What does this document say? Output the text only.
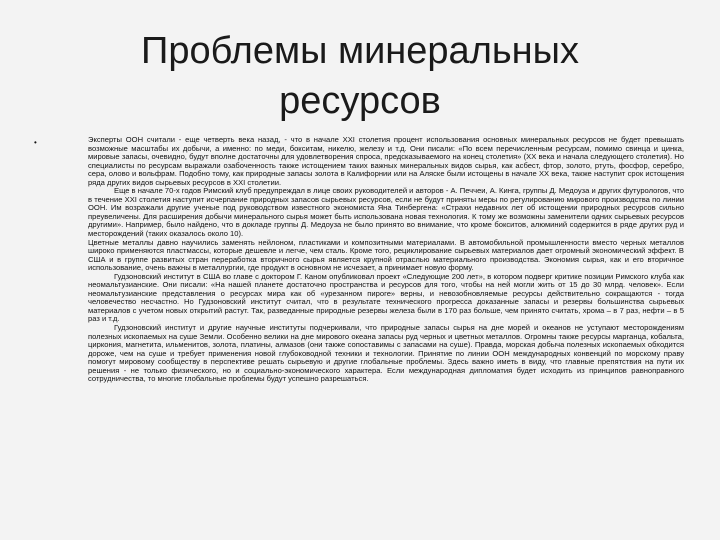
Проблемы минеральных
ресурсов
•	Эксперты ООН считали - еще четверть века назад, - что в начале XXI столетия процент использования основных минеральных ресурсов не будет превышать возможные масштабы их добычи, а именно: по меди, бокситам, никелю, железу и т.д. Они писали: «По всем перечисленным ресурсам, помимо свинца и цинка, мировые запасы, очевидно, будут вполне достаточны для удовлетворения спроса, предсказываемого на конец столетия» (XX века и начала следующего столетия). Но специалисты по ресурсам выражали озабоченность также истощением таких важных минеральных видов сырья, как асбест, фтор, золото, ртуть, фосфор, серебро, сера, олово и вольфрам. Подобно тому, как природные запасы золота в Калифорнии или на Аляске были истощены в начале XX века, также наступит срок истощения ряда других видов сырьевых ресурсов в XXI столетии.

Еще в начале 70-х годов Римский клуб предупреждал в лице своих руководителей и авторов - А. Печчеи, А. Кинга, группы Д. Медоуза и других футурологов, что в течение XXI столетия наступит исчерпание природных запасов сырьевых ресурсов, если не будут приняты меры по регулированию мирового производства по линии ООН. Им возражали другие ученые под руководством известного экономиста Яна Тинбергена: «Страхи недавних лет об истощении природных ресурсов сильно преувеличены. Для расширения добычи минерального сырья может быть использована новая технология. К тому же возможны заменители одних сырьевых ресурсов другими». Например, было найдено, что в докладе группы Д. Медоуза не было принято во внимание, что кроме бокситов, алюминий содержится в ряде других руд и месторождений (таких оказалось около 10).

Цветные металлы давно научились заменять нейлоном, пластиками и композитными материалами. В автомобильной промышленности вместо черных металлов широко применяются пластмассы, которые дешевле и легче, чем сталь. Кроме того, рециклирование сырьевых материалов дает огромный экономический эффект. В США и в группе развитых стран переработка вторичного сырья является крупной отраслью материального производства. Экономия сырья, как и его вторичное использование, очень важны в металлургии, где продукт в основном не исчезает, а принимает новую форму.

Гудзоновский институт в США во главе с доктором Г. Каном опубликовал проект «Следующие 200 лет», в котором подверг критике позиции Римского клуба как неомальтузианские. Они писали: «На нашей планете достаточно пространства и ресурсов для того, чтобы на ней могли жить от 15 до 30 млрд. человек». Если неомальтузианские представления о ресурсах мира как об «урезанном пироге» верны, и невозобновляемые ресурсы действительно сокращаются - тогда человечество несчастно. Но Гудзоновский институт считал, что в результате технического прогресса доказанные запасы и резервы большинства сырьевых материалов с учетом новых открытий растут. Так, разведанные природные резервы железа были в 170 раз больше, чем принято считать, хрома – в 7 раз, нефти – в 5 раз и т.д.

Гудзоновский институт и другие научные институты подчеркивали, что природные запасы сырья на дне морей и океанов не уступают месторождениям полезных ископаемых на суше Земли. Особенно велики на дне мирового океана запасы руд черных и цветных металлов. Огромны также ресурсы марганца, кобальта, циркония, магнетита, ильменитов, золота, платины, алмазов (они также сопоставимы с запасами на суше). Правда, морская добыча полезных ископаемых обходится дороже, чем на суше и требует применения новой глубоководной техники и технологии. Принятие по линии ООН международных конвенций по морскому праву помогут мировому сообществу в перспективе решать сырьевую и другие глобальные проблемы. Здесь важно иметь в виду, что главные препятствия на пути их решения - не только физического, но и социально-экономического характера. Если международная дипломатия будет исходить из принципов равноправного сотрудничества, то многие глобальные проблемы будут успешно разрешаться.
